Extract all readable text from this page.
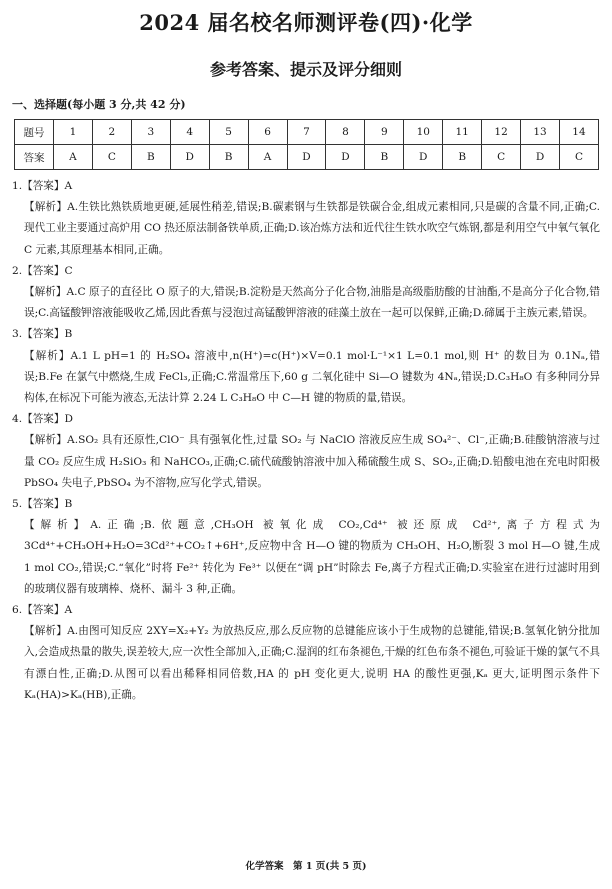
2024 届名校名师测评卷(四)·化学
参考答案、提示及评分细则
一、选择题(每小题 3 分,共 42 分)
题号	1	2	3	4	5	6	7	8	9	10	11	12	13	14
答案	A	C	B	D	B	A	D	D	B	D	B	C	D	C

1.【答案】A

【解析】A.生铁比熟铁质地更硬,延展性稍差,错误;B.碳素钢与生铁都是铁碳合金,组成元素相同,只是碳的含量不同,正确;C.现代工业主要通过高炉用 CO 热还原法制备铁单质,正确;D.该冶炼方法和近代往生铁水吹空气炼钢,都是利用空气中氧气氧化 C 元素,其原理基本相同,正确。

2.【答案】C

【解析】A.C 原子的直径比 O 原子的大,错误;B.淀粉是天然高分子化合物,油脂是高级脂肪酸的甘油酯,不是高分子化合物,错误;C.高锰酸钾溶液能吸收乙烯,因此香蕉与浸泡过高锰酸钾溶液的硅藻土放在一起可以保鲜,正确;D.碲属于主族元素,错误。

3.【答案】B

【解析】A.1 L pH=1 的 H₂SO₄ 溶液中,n(H⁺)=c(H⁺)×V=0.1 mol·L⁻¹×1 L=0.1 mol,则 H⁺ 的数目为 0.1Nₐ,错误;B.Fe 在氯气中燃烧,生成 FeCl₃,正确;C.常温常压下,60 g 二氧化硅中 Si—O 键数为 4Nₐ,错误;D.C₃H₈O 有多种同分异构体,在标况下可能为液态,无法计算 2.24 L C₃H₈O 中 C—H 键的物质的量,错误。

4.【答案】D

【解析】A.SO₂ 具有还原性,ClO⁻ 具有强氧化性,过量 SO₂ 与 NaClO 溶液反应生成 SO₄²⁻、Cl⁻,正确;B.硅酸钠溶液与过量 CO₂ 反应生成 H₂SiO₃ 和 NaHCO₃,正确;C.硫代硫酸钠溶液中加入稀硫酸生成 S、SO₂,正确;D.铅酸电池在充电时阳极 PbSO₄ 失电子,PbSO₄ 为不溶物,应写化学式,错误。

5.【答案】B

【解析】A.正确;B.依题意,CH₃OH 被氧化成 CO₂,Cd⁴⁺ 被还原成 Cd²⁺,离子方程式为 3Cd⁴⁺+CH₃OH+H₂O=3Cd²⁺+CO₂↑+6H⁺,反应物中含 H—O 键的物质为 CH₃OH、H₂O,断裂 3 mol H—O 键,生成 1 mol CO₂,错误;C.“氧化”时将 Fe²⁺ 转化为 Fe³⁺ 以便在“调 pH”时除去 Fe,离子方程式正确;D.实验室在进行过滤时用到的玻璃仪器有玻璃棒、烧杯、漏斗 3 种,正确。

6.【答案】A

【解析】A.由图可知反应 2XY=X₂+Y₂ 为放热反应,那么反应物的总键能应该小于生成物的总键能,错误;B.氢氧化钠分批加入,会造成热量的散失,误差较大,应一次性全部加入,正确;C.湿润的红布条褪色,干燥的红色布条不褪色,可验证干燥的氯气不具有漂白性,正确;D.从图可以看出稀释相同倍数,HA 的 pH 变化更大,说明 HA 的酸性更强,Kₐ 更大,证明图示条件下 Kₐ(HA)>Kₐ(HB),正确。

化学答案　第 1 页(共 5 页)
